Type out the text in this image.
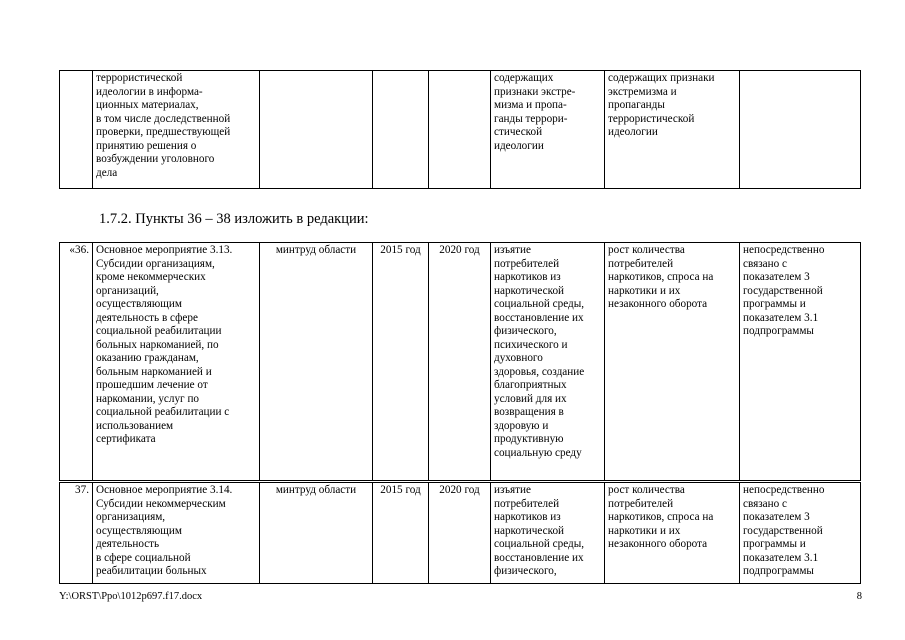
	террористической
идеологии в информа-
ционных материалах,
в том числе доследственной
проверки, предшествующей
принятию решения о
возбуждении уголовного
дела				содержащих
признаки экстре-
мизма и пропа-
ганды террори-
стической
идеологии	содержащих признаки
экстремизма и
пропаганды
террористической
идеологии	
1.7.2. Пункты 36 – 38 изложить в редакции:
«36.	Основное мероприятие 3.13.
Субсидии организациям,
кроме некоммерческих
организаций,
осуществляющим
деятельность в сфере
социальной реабилитации
больных наркоманией, по
оказанию гражданам,
больным наркоманией и
прошедшим лечение от
наркомании, услуг по
социальной реабилитации с
использованием
сертификата	минтруд области	2015 год	2020 год	изъятие
потребителей
наркотиков из
наркотической
социальной среды,
восстановление их
физического,
психического и
духовного
здоровья, создание
благоприятных
условий для их
возвращения в
здоровую и
продуктивную
социальную среду	рост количества
потребителей
наркотиков, спроса на
наркотики и их
незаконного оборота	непосредственно
связано с
показателем 3
государственной
программы и
показателем 3.1
подпрограммы
37.	Основное мероприятие 3.14.
Субсидии некоммерческим
организациям,
осуществляющим
деятельность
в сфере социальной
реабилитации больных	минтруд области	2015 год	2020 год	изъятие
потребителей
наркотиков из
наркотической
социальной среды,
восстановление их
физического,	рост количества
потребителей
наркотиков, спроса на
наркотики и их
незаконного оборота	непосредственно
связано с
показателем 3
государственной
программы и
показателем 3.1
подпрограммы
Y:\ORST\Ppo\1012p697.f17.docx	8
